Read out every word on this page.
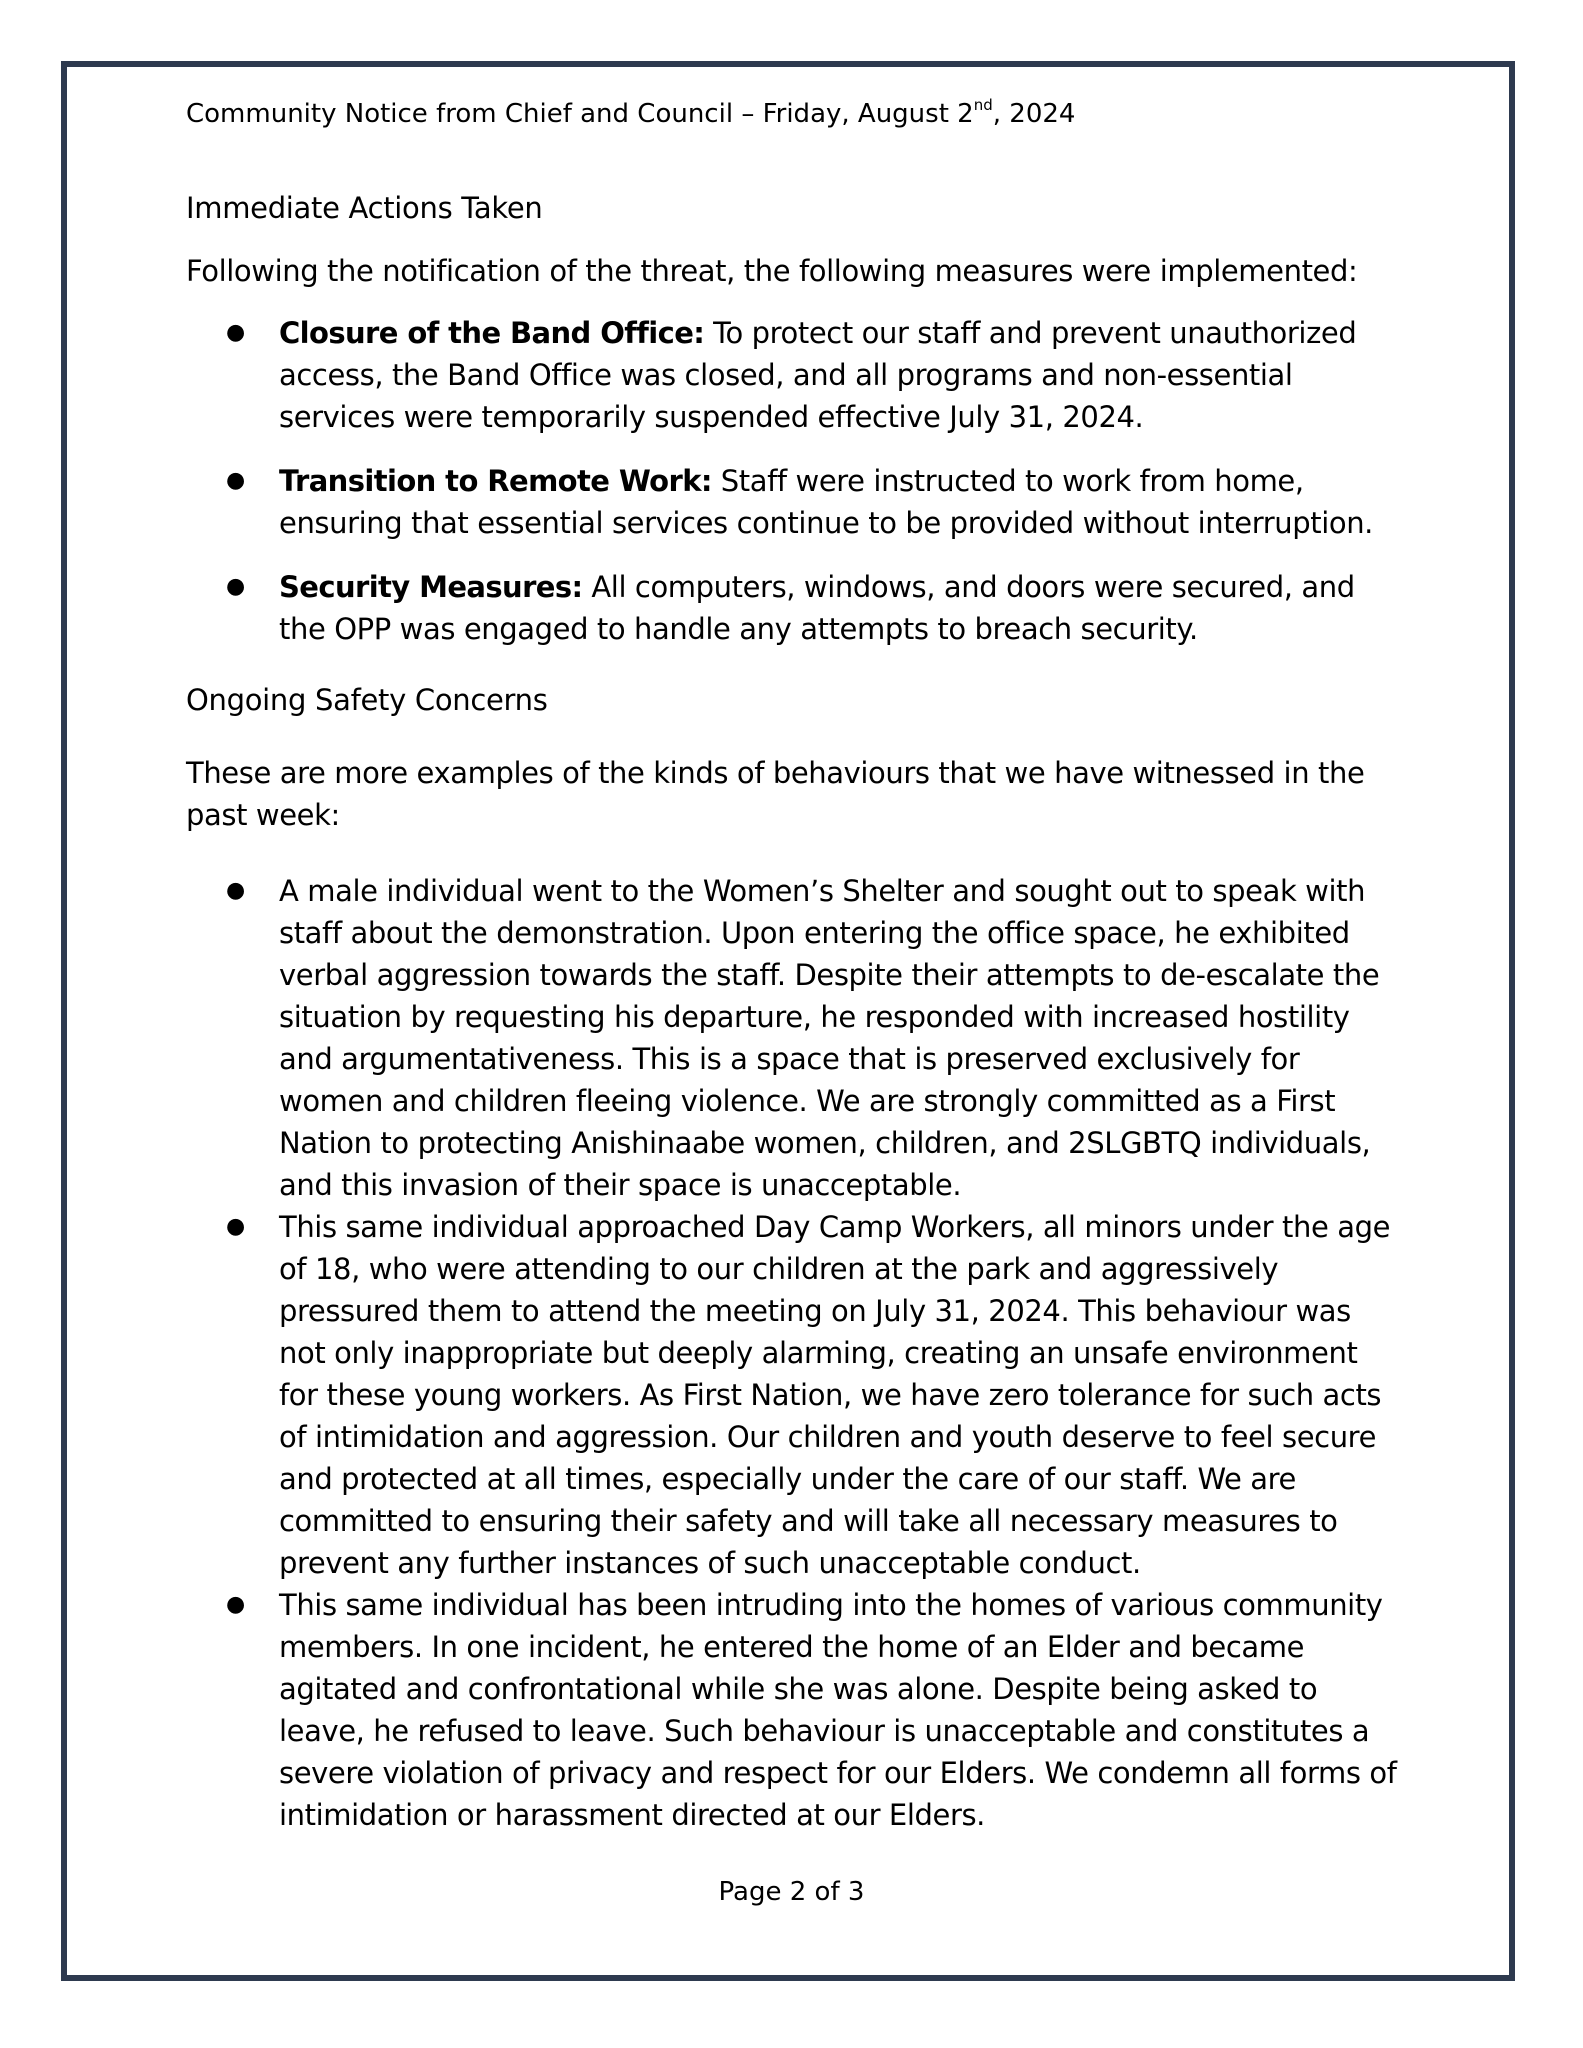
Community Notice from Chief and Council – Friday, August 2nd, 2024
Immediate Actions Taken
Following the notification of the threat, the following measures were implemented:
● Closure of the Band Office: To protect our staff and prevent unauthorized access, the Band Office was closed, and all programs and non-essential services were temporarily suspended effective July 31, 2024.
● Transition to Remote Work: Staff were instructed to work from home, ensuring that essential services continue to be provided without interruption.
● Security Measures: All computers, windows, and doors were secured, and the OPP was engaged to handle any attempts to breach security.
Ongoing Safety Concerns
These are more examples of the kinds of behaviours that we have witnessed in the past week:
● A male individual went to the Women’s Shelter and sought out to speak with staff about the demonstration. Upon entering the office space, he exhibited verbal aggression towards the staff. Despite their attempts to de-escalate the situation by requesting his departure, he responded with increased hostility and argumentativeness. This is a space that is preserved exclusively for women and children fleeing violence. We are strongly committed as a First Nation to protecting Anishinaabe women, children, and 2SLGBTQ individuals, and this invasion of their space is unacceptable.
● This same individual approached Day Camp Workers, all minors under the age of 18, who were attending to our children at the park and aggressively pressured them to attend the meeting on July 31, 2024. This behaviour was not only inappropriate but deeply alarming, creating an unsafe environment for these young workers. As First Nation, we have zero tolerance for such acts of intimidation and aggression. Our children and youth deserve to feel secure and protected at all times, especially under the care of our staff. We are committed to ensuring their safety and will take all necessary measures to prevent any further instances of such unacceptable conduct.
● This same individual has been intruding into the homes of various community members. In one incident, he entered the home of an Elder and became agitated and confrontational while she was alone. Despite being asked to leave, he refused to leave. Such behaviour is unacceptable and constitutes a severe violation of privacy and respect for our Elders. We condemn all forms of intimidation or harassment directed at our Elders.
Page 2 of 3
